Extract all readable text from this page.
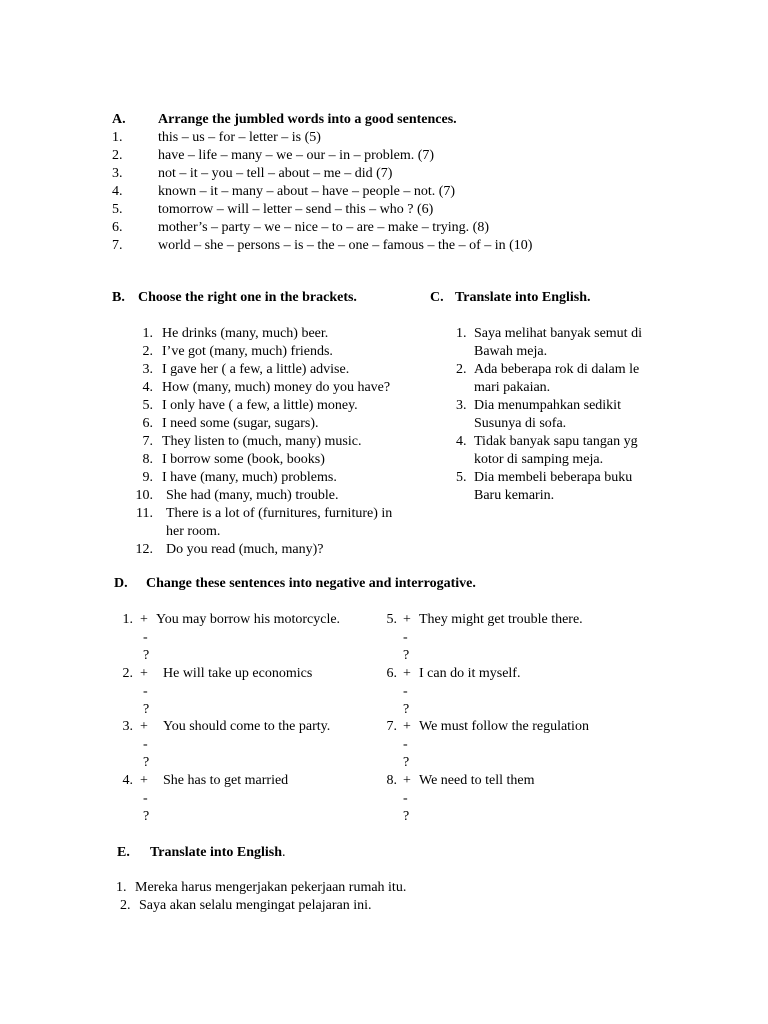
A. Arrange the jumbled words into a good sentences.
1.	this – us – for – letter – is (5)
2.	have – life – many – we – our – in – problem. (7)
3.	not – it – you – tell – about – me – did (7)
4.	known – it – many – about – have – people – not. (7)
5.	tomorrow – will – letter – send – this – who ? (6)
6.	mother’s – party – we – nice – to – are – make – trying. (8)
7.	world – she – persons – is – the – one – famous – the – of – in (10)
B. Choose the right one in the brackets.
1. He drinks (many, much) beer.
2. I’ve got (many, much) friends.
3. I gave her ( a few, a little) advise.
4. How (many, much) money do you have?
5. I only have ( a few, a little) money.
6. I need some (sugar, sugars).
7. They listen to (much, many) music.
8. I borrow some (book, books)
9. I have (many, much) problems.
10. She had (many, much) trouble.
11. There is a lot of (furnitures, furniture) in
her room.
12. Do you read (much, many)?
C. Translate into English.
1. Saya melihat banyak semut di
Bawah meja.
2. Ada beberapa rok di dalam le
mari pakaian.
3. Dia menumpahkan sedikit
Susunya di sofa.
4. Tidak banyak sapu tangan yg
kotor di samping meja.
5. Dia membeli beberapa buku
Baru kemarin.
D. Change these sentences into negative and interrogative.
1. + You may borrow his motorcycle.
-
?
2. + He will take up economics
-
?
3. + You should come to the party.
-
?
4. + She has to get married
-
?
5. + They might get trouble there.
-
?
6. + I can do it myself.
-
?
7. + We must follow the regulation
-
?
8. + We need to tell them
-
?
E. Translate into English.
1. Mereka harus mengerjakan pekerjaan rumah itu.
2. Saya akan selalu mengingat pelajaran ini.
